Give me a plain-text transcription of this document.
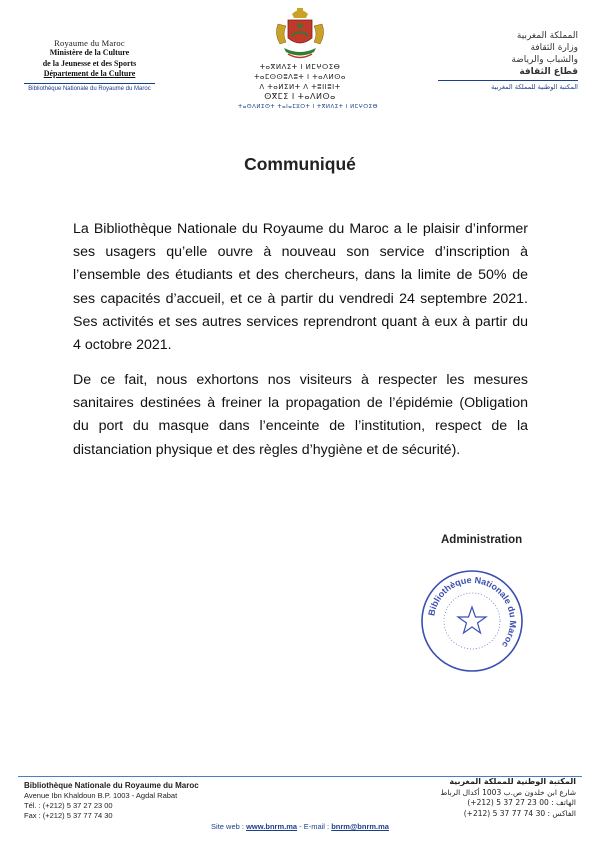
Royaume du Maroc
Ministère de la Culture
de la Jeunesse et des Sports
Département de la Culture
Bibliothèque Nationale du Royaume du Maroc
ⵜⴰⴳⵍⴷⵉⵜ ⵏ ⵍⵎⵖⵔⵉⴱ
ⵜⴰⵎⵙⵙⵓⴷⵓⵜ ⵏ ⵜⴰⴷⵍⵙⴰ
ⴷ ⵜⴰⵍⵉⵍⵜ ⴷ ⵜⵓⵏⵏⵓⵏⵜ
ⵙⴳⵎⵉ ⵏ ⵜⴰⴷⵍⵙⴰ
ⵜⴰⵙⴷⵍⵉⵙⵜ ⵜⴰⵏⴰⵎⵓⵔⵜ ⵏ ⵜⴳⵍⴷⵉⵜ ⵏ ⵍⵎⵖⵔⵉⴱ
المملكة المغربية
وزارة الثقافة
والشباب والرياضة
قطاع الثقافة
المكتبة الوطنية للمملكة المغربية
Communiqué

La Bibliothèque Nationale du Royaume du Maroc a le plaisir d’informer ses usagers qu’elle ouvre à nouveau son service d’inscription à l’ensemble des étudiants et des chercheurs, dans la limite de 50% de ses capacités d’accueil, et ce à partir du vendredi 24 septembre 2021. Ses activités et ses autres services reprendront quant à eux à partir du 4 octobre 2021.

De ce fait, nous exhortons nos visiteurs à respecter les mesures sanitaires destinées à freiner la propagation de l’épidémie (Obligation du port du masque dans l’enceinte de l’institution, respect de la distanciation physique et des règles d’hygiène et de sécurité).

Administration
Bibliothèque Nationale du Maroc
Bibliothèque Nationale du Royaume du Maroc
Avenue Ibn Khaldoun B.P. 1003 - Agdal Rabat
Tél. : (+212) 5 37 27 23 00
Fax : (+212) 5 37 77 74 30
المكتبة الوطنية للمملكة المغربية
شارع ابن خلدون ص.ب 1003 أكدال الرباط
الهاتف : 00 23 27 37 5 (212+)
الفاكس : 30 74 77 37 5 (212+)
Site web : www.bnrm.ma - E-mail : bnrm@bnrm.ma
